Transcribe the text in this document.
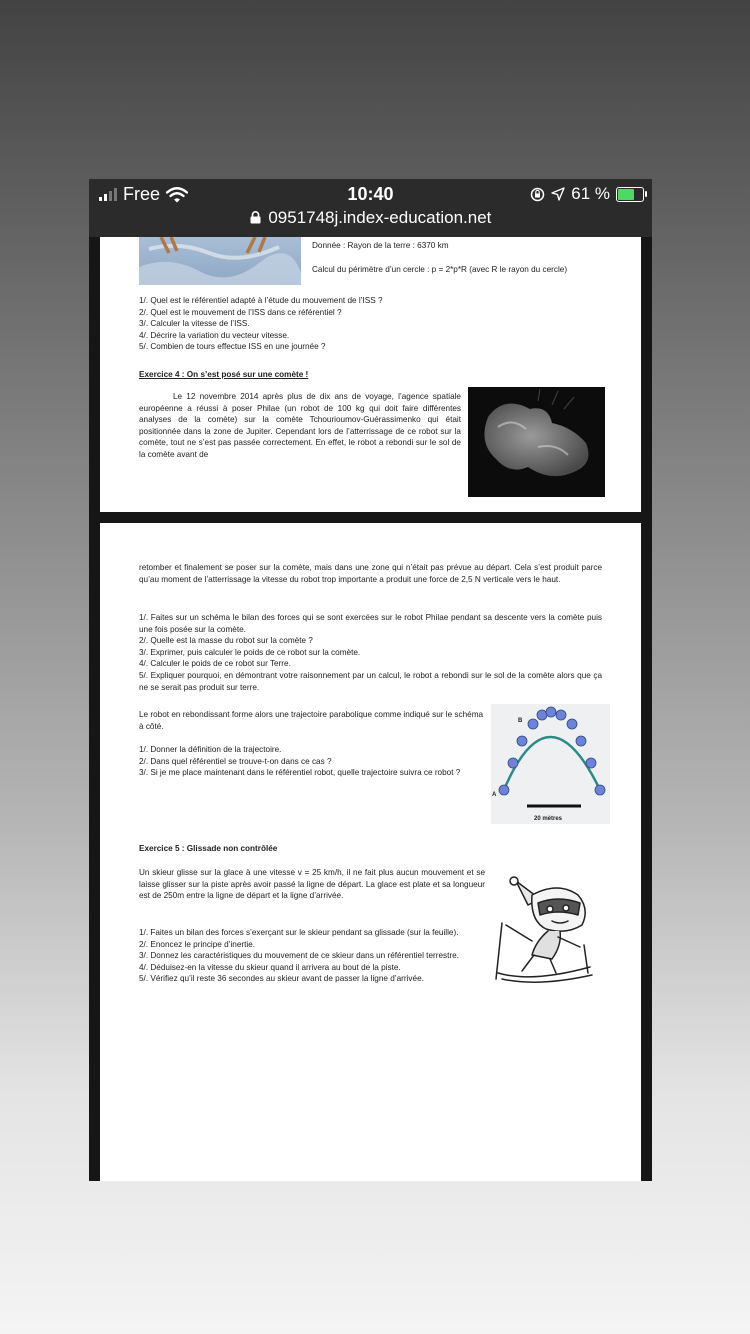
Free	10:40	61 %
0951748j.index-education.net
Donnée : Rayon de la terre : 6370 km
Calcul du périmètre d’un cercle : p = 2*p*R (avec R le rayon du cercle)

1/. Quel est le référentiel adapté à l’étude du mouvement de l’ISS ?

2/. Quel est le mouvement de l’ISS dans ce référentiel ?

3/. Calculer la vitesse de l’ISS.

4/. Décrire la variation du vecteur vitesse.

5/. Combien de tours effectue ISS en une journée ?

Exercice 4 : On s’est posé sur une comète !
Le 12 novembre 2014 après plus de dix ans de voyage, l’agence spatiale européenne a réussi à poser Philae (un robot de 100 kg qui doit faire différentes analyses de la comète) sur la comète Tchourioumov-Guérassimenko qui était positionnée dans la zone de Jupiter. Cependant lors de l’atterrissage de ce robot sur la comète, tout ne s’est pas passée correctement. En effet, le robot a rebondi sur le sol de la comète avant de
retomber et finalement se poser sur la comète, mais dans une zone qui n’était pas prévue au départ. Cela s’est produit parce qu’au moment de l’atterrissage la vitesse du robot trop importante a produit une force de 2,5 N verticale vers le haut.

1/. Faites sur un schéma le bilan des forces qui se sont exercées sur le robot Philae pendant sa descente vers la comète puis une fois posée sur la comète.

2/. Quelle est la masse du robot sur la comète ?

3/. Exprimer, puis calculer le poids de ce robot sur la comète.

4/. Calculer le poids de ce robot sur Terre.

5/. Expliquer pourquoi, en démontrant votre raisonnement par un calcul, le robot a rebondi sur le sol de la comète alors que ça ne se serait pas produit sur terre.

Le robot en rebondissant forme alors une trajectoire parabolique comme indiqué sur le schéma à côté.

1/. Donner la définition de la trajectoire.

2/. Dans quel référentiel se trouve-t-on dans ce cas ?

3/. Si je me place maintenant dans le référentiel robot, quelle trajectoire suivra ce robot ?

A
B
20 mètres
Exercice 5 : Glissade non contrôlée
Un skieur glisse sur la glace à une vitesse v = 25 km/h, il ne fait plus aucun mouvement et se laisse glisser sur la piste après avoir passé la ligne de départ. La glace est plate et sa longueur est de 250m entre la ligne de départ et la ligne d’arrivée.

1/. Faites un bilan des forces s’exerçant sur le skieur pendant sa glissade (sur la feuille).

2/. Enoncez le principe d’inertie.

3/. Donnez les caractéristiques du mouvement de ce skieur dans un référentiel terrestre.

4/. Déduisez-en la vitesse du skieur quand il arrivera au bout de la piste.

5/. Vérifiez qu’il reste 36 secondes au skieur avant de passer la ligne d’arrivée.
